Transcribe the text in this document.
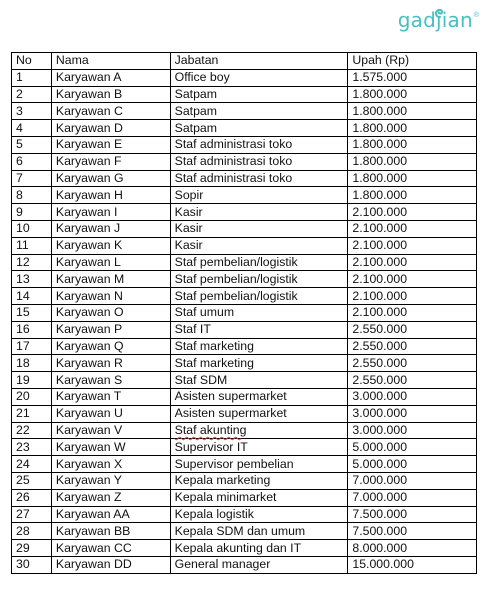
gadjian ®
No	Nama	Jabatan	Upah (Rp)
1	Karyawan A	Office boy	1.575.000
2	Karyawan B	Satpam	1.800.000
3	Karyawan C	Satpam	1.800.000
4	Karyawan D	Satpam	1.800.000
5	Karyawan E	Staf administrasi toko	1.800.000
6	Karyawan F	Staf administrasi toko	1.800.000
7	Karyawan G	Staf administrasi toko	1.800.000
8	Karyawan H	Sopir	1.800.000
9	Karyawan I	Kasir	2.100.000
10	Karyawan J	Kasir	2.100.000
11	Karyawan K	Kasir	2.100.000
12	Karyawan L	Staf pembelian/logistik	2.100.000
13	Karyawan M	Staf pembelian/logistik	2.100.000
14	Karyawan N	Staf pembelian/logistik	2.100.000
15	Karyawan O	Staf umum	2.100.000
16	Karyawan P	Staf IT	2.550.000
17	Karyawan Q	Staf marketing	2.550.000
18	Karyawan R	Staf marketing	2.550.000
19	Karyawan S	Staf SDM	2.550.000
20	Karyawan T	Asisten supermarket	3.000.000
21	Karyawan U	Asisten supermarket	3.000.000
22	Karyawan V	Staf akunting	3.000.000
23	Karyawan W	Supervisor IT	5.000.000
24	Karyawan X	Supervisor pembelian	5.000.000
25	Karyawan Y	Kepala marketing	7.000.000
26	Karyawan Z	Kepala minimarket	7.000.000
27	Karyawan AA	Kepala logistik	7.500.000
28	Karyawan BB	Kepala SDM dan umum	7.500.000
29	Karyawan CC	Kepala akunting dan IT	8.000.000
30	Karyawan DD	General manager	15.000.000
